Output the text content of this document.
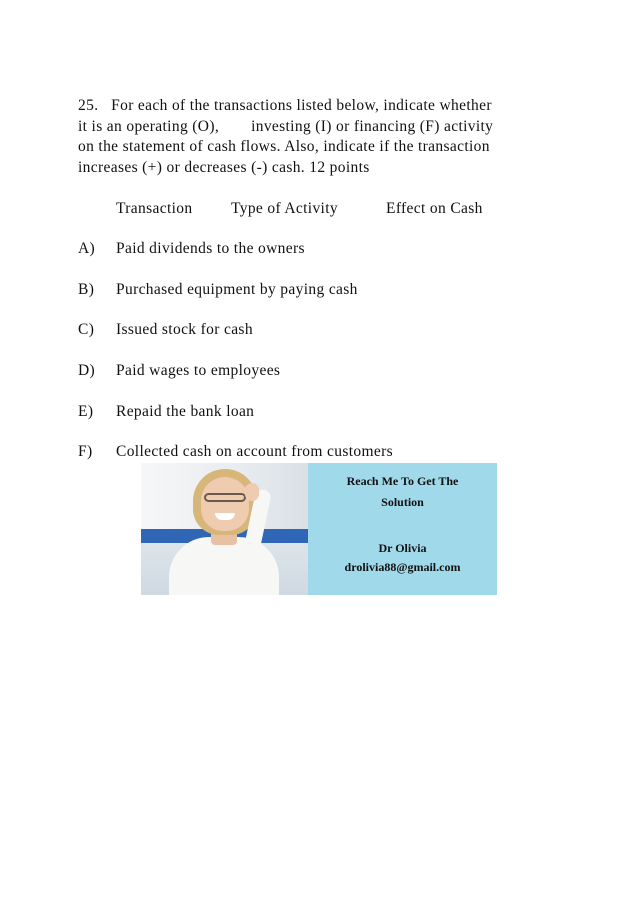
25. For each of the transactions listed below, indicate whether
it is an operating (O), investing (I) or financing (F) activity
on the statement of cash flows. Also, indicate if the transaction
increases (+) or decreases (-) cash. 12 points

Transaction Type of Activity	Effect on Cash
A) Paid dividends to the owners
B) Purchased equipment by paying cash
C) Issued stock for cash
D) Paid wages to employees
E) Repaid the bank loan
F) Collected cash on account from customers
Reach Me To Get The
Solution
Dr Olivia
drolivia88@gmail.com
